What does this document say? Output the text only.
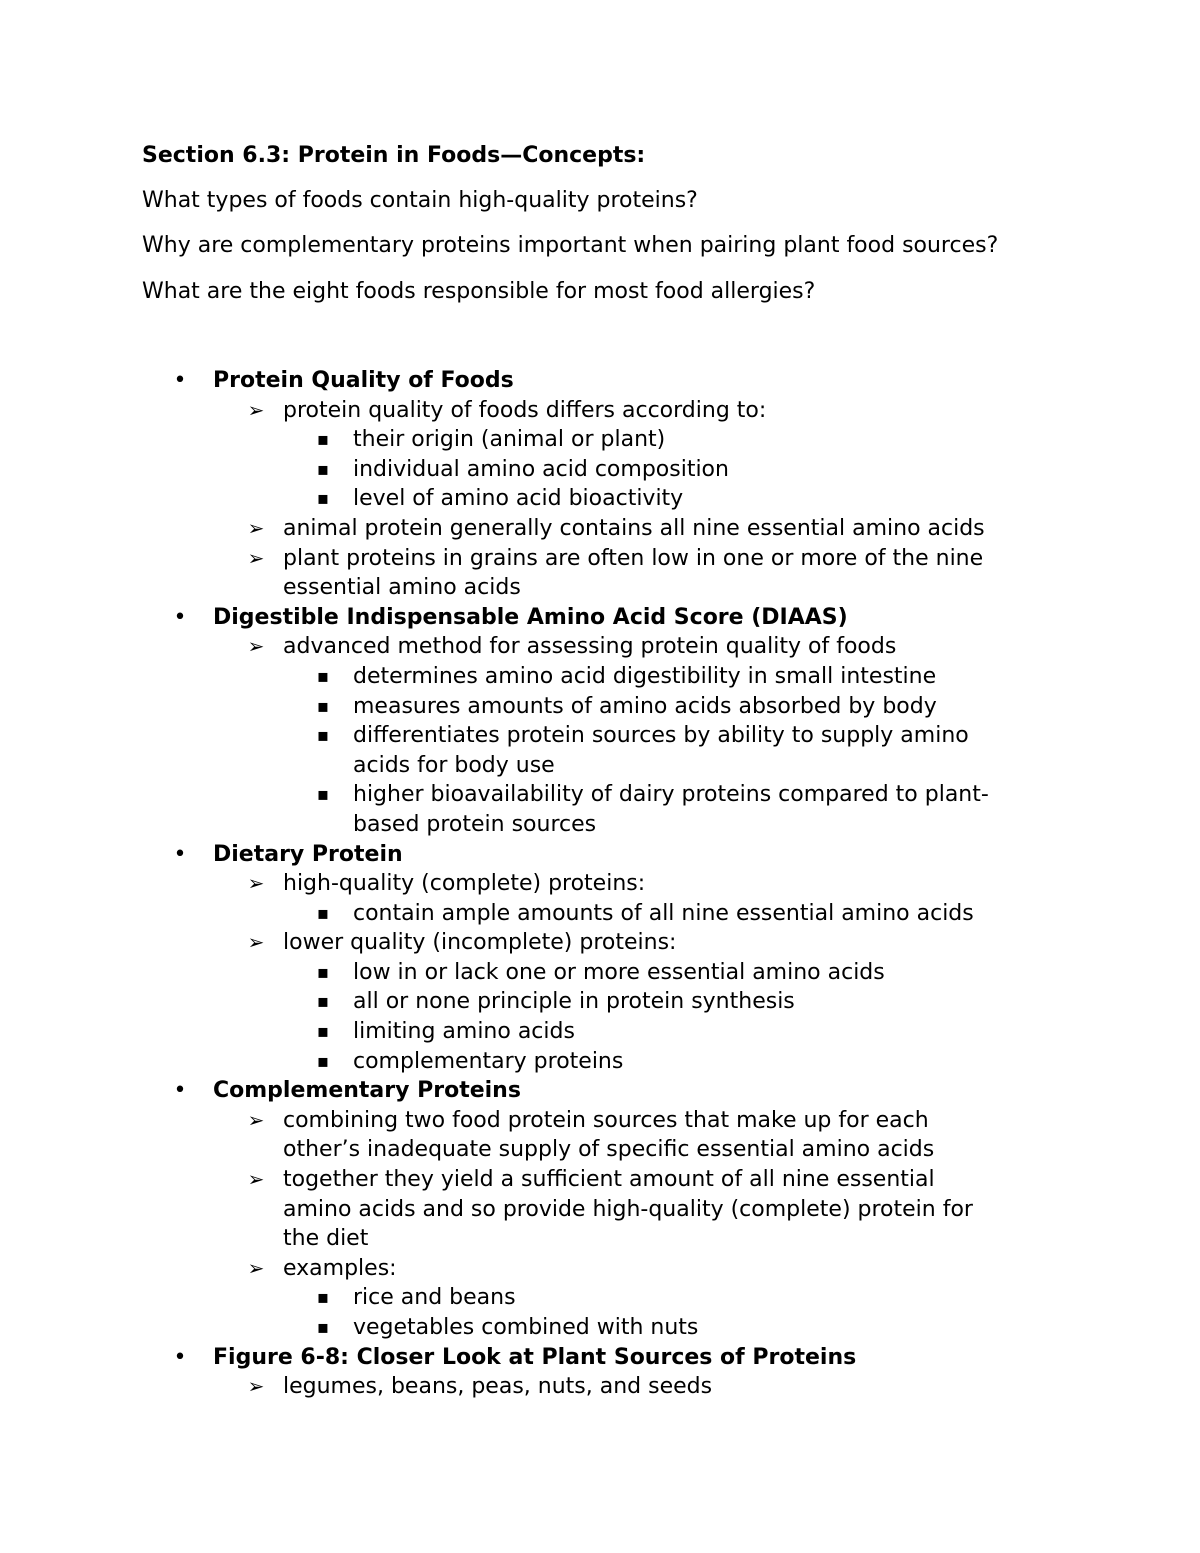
Section 6.3: Protein in Foods—Concepts:
What types of foods contain high-quality proteins?
Why are complementary proteins important when pairing plant food sources?
What are the eight foods responsible for most food allergies?
• Protein Quality of Foods
➢ protein quality of foods differs according to:
▪ their origin (animal or plant)
▪ individual amino acid composition
▪ level of amino acid bioactivity
➢ animal protein generally contains all nine essential amino acids
➢ plant proteins in grains are often low in one or more of the nine
essential amino acids
• Digestible Indispensable Amino Acid Score (DIAAS)
➢ advanced method for assessing protein quality of foods
▪ determines amino acid digestibility in small intestine
▪ measures amounts of amino acids absorbed by body
▪ differentiates protein sources by ability to supply amino
acids for body use
▪ higher bioavailability of dairy proteins compared to plant-
based protein sources
• Dietary Protein
➢ high-quality (complete) proteins:
▪ contain ample amounts of all nine essential amino acids
➢ lower quality (incomplete) proteins:
▪ low in or lack one or more essential amino acids
▪ all or none principle in protein synthesis
▪ limiting amino acids
▪ complementary proteins
• Complementary Proteins
➢ combining two food protein sources that make up for each
other’s inadequate supply of specific essential amino acids
➢ together they yield a sufficient amount of all nine essential
amino acids and so provide high-quality (complete) protein for
the diet
➢ examples:
▪ rice and beans
▪ vegetables combined with nuts
• Figure 6-8: Closer Look at Plant Sources of Proteins
➢ legumes, beans, peas, nuts, and seeds
